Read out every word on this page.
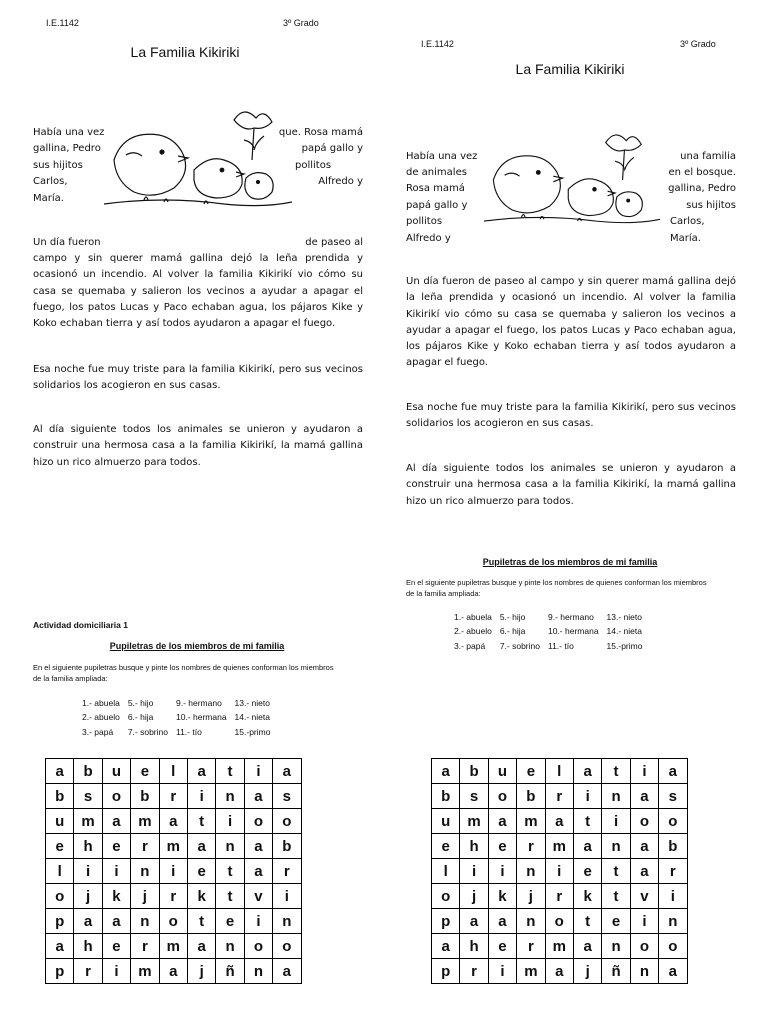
I.E.1142	3º Grado
La Familia Kikiriki
Había una vez	que. Rosa mamá
gallina, Pedro	papá gallo y
sus hijitos	pollitos
Carlos,	Alfredo y
María.
Un día fueron	de paseo al
campo y sin querer mamá gallina dejó la leña prendida y ocasionó un incendio. Al volver la familia Kikirikí vio cómo su casa se quemaba y salieron los vecinos a ayudar a apagar el fuego, los patos Lucas y Paco echaban agua, los pájaros Kike y Koko echaban tierra y así todos ayudaron a apagar el fuego.
Esa noche fue muy triste para la familia Kikirikí, pero sus vecinos solidarios los acogieron en sus casas.
Al día siguiente todos los animales se unieron y ayudaron a construir una hermosa casa a la familia Kikirikí, la mamá gallina hizo un rico almuerzo para todos.
Actividad domiciliaria 1
Pupiletras de los miembros de mi familia
En el siguiente pupiletras busque y pinte los nombres de quienes conforman los miembros de la familia ampliada:
1.- abuela	5.- hijo	9.- hermano	13.- nieto
2.- abuelo	6.- hija	10.- hermana	14.- nieta
3.- papá	7.- sobrino	11.- tío	15.-primo
a	b	u	e	l	a	t	i	a
b	s	o	b	r	i	n	a	s
u	m	a	m	a	t	i	o	o
e	h	e	r	m	a	n	a	b
l	i	i	n	i	e	t	a	r
o	j	k	j	r	k	t	v	i
p	a	a	n	o	t	e	i	n
a	h	e	r	m	a	n	o	o
p	r	i	m	a	j	ñ	n	a
I.E.1142	3º Grado
La Familia Kikiriki
Había una vez	una familia
de animales	en el bosque.
Rosa mamá	gallina, Pedro
papá gallo y	sus hijitos
pollitos	Carlos,
Alfredo y	María.
Un día fueron de paseo al campo y sin querer mamá gallina dejó la leña prendida y ocasionó un incendio. Al volver la familia Kikirikí vio cómo su casa se quemaba y salieron los vecinos a ayudar a apagar el fuego, los patos Lucas y Paco echaban agua, los pájaros Kike y Koko echaban tierra y así todos ayudaron a apagar el fuego.
Esa noche fue muy triste para la familia Kikirikí, pero sus vecinos solidarios los acogieron en sus casas.
Al día siguiente todos los animales se unieron y ayudaron a construir una hermosa casa a la familia Kikirikí, la mamá gallina hizo un rico almuerzo para todos.
Pupiletras de los miembros de mi familia
En el siguiente pupiletras busque y pinte los nombres de quienes conforman los miembros de la familia ampliada:
1.- abuela	5.- hijo	9.- hermano	13.- nieto
2.- abuelo	6.- hija	10.- hermana	14.- nieta
3.- papá	7.- sobrino	11.- tío	15.-primo
a	b	u	e	l	a	t	i	a
b	s	o	b	r	i	n	a	s
u	m	a	m	a	t	i	o	o
e	h	e	r	m	a	n	a	b
l	i	i	n	i	e	t	a	r
o	j	k	j	r	k	t	v	i
p	a	a	n	o	t	e	i	n
a	h	e	r	m	a	n	o	o
p	r	i	m	a	j	ñ	n	a
